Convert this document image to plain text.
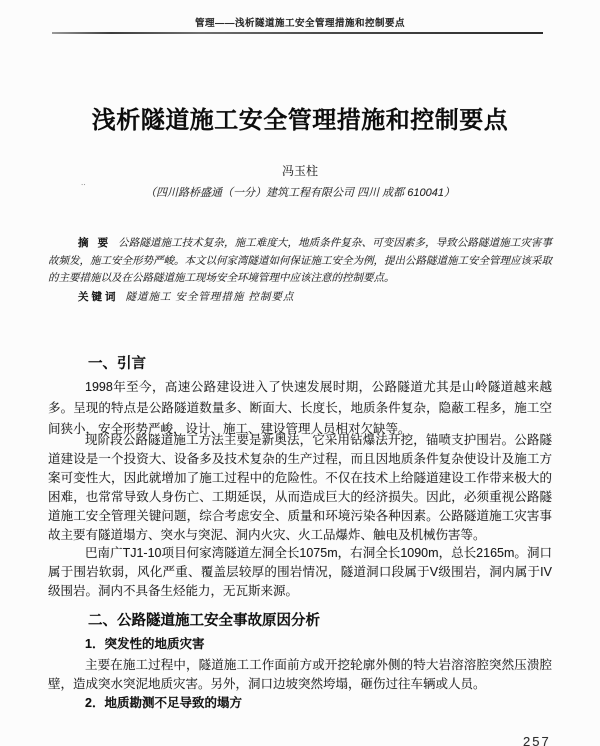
管理——浅析隧道施工安全管理措施和控制要点
浅析隧道施工安全管理措施和控制要点
冯玉柱
（四川路桥盛通（一分）建筑工程有限公司 四川 成都 610041）
‥

摘 要 公路隧道施工技术复杂，施工难度大，地质条件复杂、可变因素多，导致公路隧道施工灾害事故频发，施工安全形势严峻。本文以何家湾隧道如何保证施工安全为例，提出公路隧道施工安全管理应该采取的主要措施以及在公路隧道施工现场安全环境管理中应该注意的控制要点。

关键词 隧道施工 安全管理措施 控制要点

一、引言

1998年至今，高速公路建设进入了快速发展时期，公路隧道尤其是山岭隧道越来越多。呈现的特点是公路隧道数量多、断面大、长度长，地质条件复杂，隐蔽工程多，施工空间狭小，安全形势严峻，设计、施工、建设管理人员相对欠缺等。

现阶段公路隧道施工方法主要是新奥法，它采用钻爆法开挖，锚喷支护围岩。公路隧道建设是一个投资大、设备多及技术复杂的生产过程，而且因地质条件复杂使设计及施工方案可变性大，因此就增加了施工过程中的危险性。不仅在技术上给隧道建设工作带来极大的困难，也常常导致人身伤亡、工期延误，从而造成巨大的经济损失。因此，必须重视公路隧道施工安全管理关键问题，综合考虑安全、质量和环境污染各种因素。公路隧道施工灾害事故主要有隧道塌方、突水与突泥、洞内火灾、火工品爆炸、触电及机械伤害等。

巴南广TJ1-10项目何家湾隧道左洞全长1075m，右洞全长1090m，总长2165m。洞口属于围岩软弱，风化严重、覆盖层较厚的围岩情况，隧道洞口段属于V级围岩，洞内属于IV级围岩。洞内不具备生烃能力，无瓦斯来源。

二、公路隧道施工安全事故原因分析
1．突发性的地质灾害

主要在施工过程中，隧道施工工作面前方或开挖轮廓外侧的特大岩溶溶腔突然压溃腔壁，造成突水突泥地质灾害。另外，洞口边坡突然垮塌，砸伤过往车辆或人员。

2．地质勘测不足导致的塌方
257
